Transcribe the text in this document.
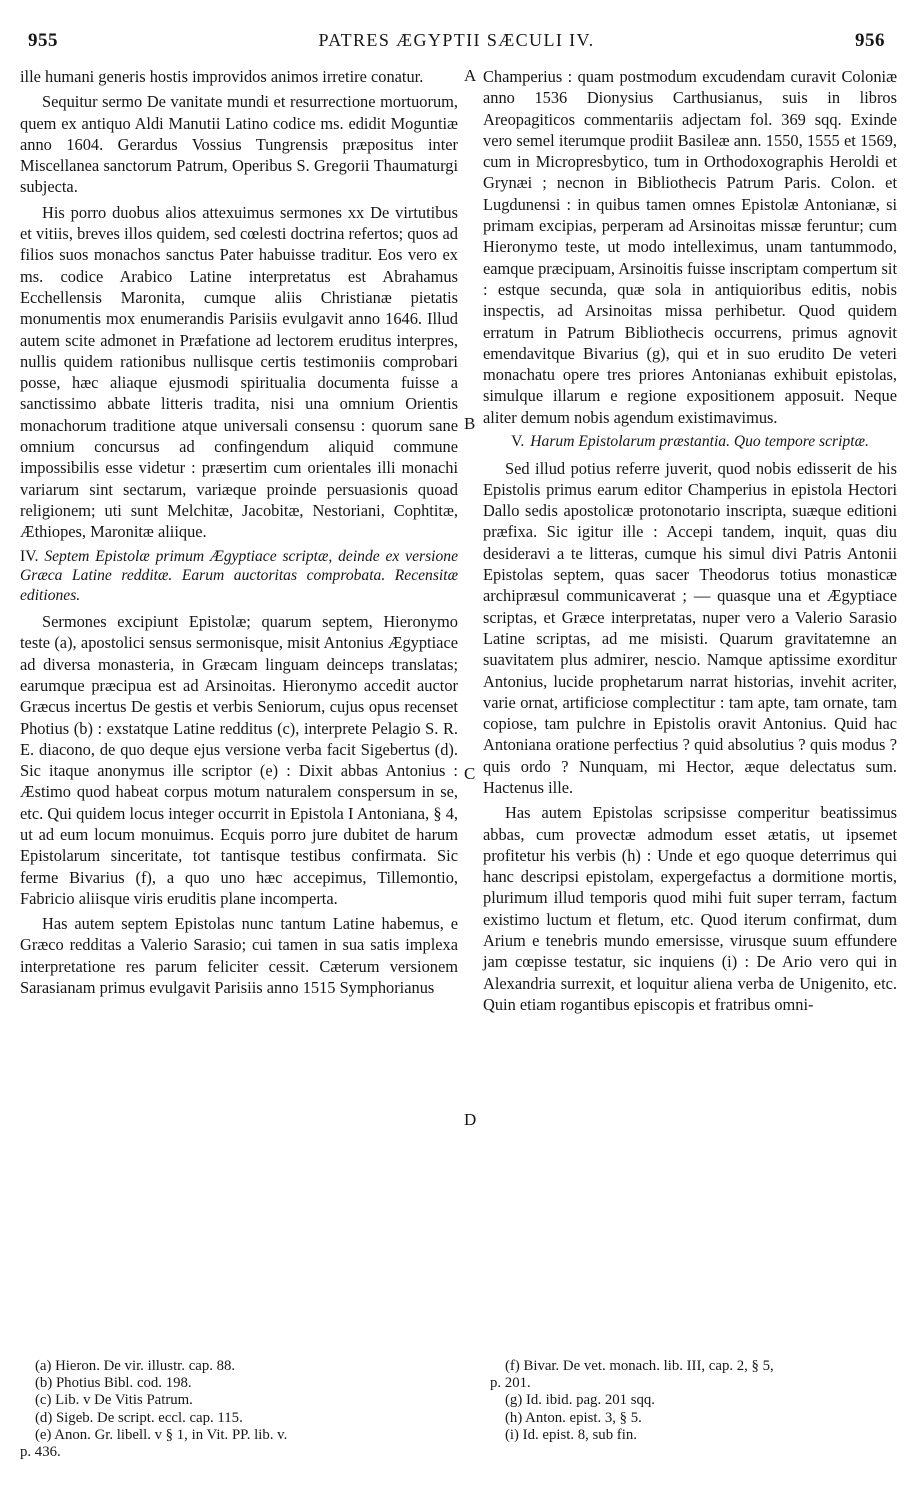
955	PATRES ÆGYPTII SÆCULI IV.	956
A
B
C
D

ille humani generis hostis improvidos animos irretire conatur.

Sequitur sermo De vanitate mundi et resurrectione mortuorum, quem ex antiquo Aldi Manutii Latino codice ms. edidit Moguntiæ anno 1604. Gerardus Vossius Tungrensis præpositus inter Miscellanea sanctorum Patrum, Operibus S. Gregorii Thaumaturgi subjecta.

His porro duobus alios attexuimus sermones xx De virtutibus et vitiis, breves illos quidem, sed cœlesti doctrina refertos; quos ad filios suos monachos sanctus Pater habuisse traditur. Eos vero ex ms. codice Arabico Latine interpretatus est Abrahamus Ecchellensis Maronita, cumque aliis Christianæ pietatis monumentis mox enumerandis Parisiis evulgavit anno 1646. Illud autem scite admonet in Præfatione ad lectorem eruditus interpres, nullis quidem rationibus nullisque certis testimoniis comprobari posse, hæc aliaque ejusmodi spiritualia documenta fuisse a sanctissimo abbate litteris tradita, nisi una omnium Orientis monachorum traditione atque universali consensu : quorum sane omnium concursus ad confingendum aliquid commune impossibilis esse videtur : præsertim cum orientales illi monachi variarum sint sectarum, variæque proinde persuasionis quoad religionem; uti sunt Melchitæ, Jacobitæ, Nestoriani, Cophtitæ, Æthiopes, Maronitæ aliique.

IV. Septem Epistolæ primum Ægyptiace scriptæ, deinde ex versione Græca Latine redditæ. Earum auctoritas comprobata. Recensitæ editiones.

Sermones excipiunt Epistolæ; quarum septem, Hieronymo teste (a), apostolici sensus sermonisque, misit Antonius Ægyptiace ad diversa monasteria, in Græcam linguam deinceps translatas; earumque præcipua est ad Arsinoitas. Hieronymo accedit auctor Græcus incertus De gestis et verbis Seniorum, cujus opus recenset Photius (b) : exstatque Latine redditus (c), interprete Pelagio S. R. E. diacono, de quo deque ejus versione verba facit Sigebertus (d). Sic itaque anonymus ille scriptor (e) : Dixit abbas Antonius : Æstimo quod habeat corpus motum naturalem conspersum in se, etc. Qui quidem locus integer occurrit in Epistola I Antoniana, § 4, ut ad eum locum monuimus. Ecquis porro jure dubitet de harum Epistolarum sinceritate, tot tantisque testibus confirmata. Sic ferme Bivarius (f), a quo uno hæc accepimus, Tillemontio, Fabricio aliisque viris eruditis plane incomperta.

Has autem septem Epistolas nunc tantum Latine habemus, e Græco redditas a Valerio Sarasio; cui tamen in sua satis implexa interpretatione res parum feliciter cessit. Cæterum versionem Sarasianam primus evulgavit Parisiis anno 1515 Symphorianus

Champerius : quam postmodum excudendam curavit Coloniæ anno 1536 Dionysius Carthusianus, suis in libros Areopagiticos commentariis adjectam fol. 369 sqq. Exinde vero semel iterumque prodiit Basileæ ann. 1550, 1555 et 1569, cum in Micropresbytico, tum in Orthodoxographis Heroldi et Grynæi ; necnon in Bibliothecis Patrum Paris. Colon. et Lugdunensi : in quibus tamen omnes Epistolæ Antonianæ, si primam excipias, perperam ad Arsinoitas missæ feruntur; cum Hieronymo teste, ut modo intelleximus, unam tantummodo, eamque præcipuam, Arsinoitis fuisse inscriptam compertum sit : estque secunda, quæ sola in antiquioribus editis, nobis inspectis, ad Arsinoitas missa perhibetur. Quod quidem erratum in Patrum Bibliothecis occurrens, primus agnovit emendavitque Bivarius (g), qui et in suo erudito De veteri monachatu opere tres priores Antonianas exhibuit epistolas, simulque illarum e regione expositionem apposuit. Neque aliter demum nobis agendum existimavimus.

V. Harum Epistolarum præstantia. Quo tempore scriptæ.

Sed illud potius referre juverit, quod nobis edisserit de his Epistolis primus earum editor Champerius in epistola Hectori Dallo sedis apostolicæ protonotario inscripta, suæque editioni præfixa. Sic igitur ille : Accepi tandem, inquit, quas diu desideravi a te litteras, cumque his simul divi Patris Antonii Epistolas septem, quas sacer Theodorus totius monasticæ archipræsul communicaverat ; — quasque una et Ægyptiace scriptas, et Græce interpretatas, nuper vero a Valerio Sarasio Latine scriptas, ad me misisti. Quarum gravitatemne an suavitatem plus admirer, nescio. Namque aptissime exorditur Antonius, lucide prophetarum narrat historias, invehit acriter, varie ornat, artificiose complectitur : tam apte, tam ornate, tam copiose, tam pulchre in Epistolis oravit Antonius. Quid hac Antoniana oratione perfectius ? quid absolutius ? quis modus ? quis ordo ? Nunquam, mi Hector, æque delectatus sum. Hactenus ille.

Has autem Epistolas scripsisse comperitur beatissimus abbas, cum provectæ admodum esset ætatis, ut ipsemet profitetur his verbis (h) : Unde et ego quoque deterrimus qui hanc descripsi epistolam, expergefactus a dormitione mortis, plurimum illud temporis quod mihi fuit super terram, factum existimo luctum et fletum, etc. Quod iterum confirmat, dum Arium e tenebris mundo emersisse, virusque suum effundere jam cœpisse testatur, sic inquiens (i) : De Ario vero qui in Alexandria surrexit, et loquitur aliena verba de Unigenito, etc. Quin etiam rogantibus episcopis et fratribus omni-

(a) Hieron. De vir. illustr. cap. 88.
(b) Photius Bibl. cod. 198.
(c) Lib. v De Vitis Patrum.
(d) Sigeb. De script. eccl. cap. 115.
(e) Anon. Gr. libell. v § 1, in Vit. PP. lib. v.
p. 436.
(f) Bivar. De vet. monach. lib. III, cap. 2, § 5,
p. 201.
(g) Id. ibid. pag. 201 sqq.
(h) Anton. epist. 3, § 5.
(i) Id. epist. 8, sub fin.
